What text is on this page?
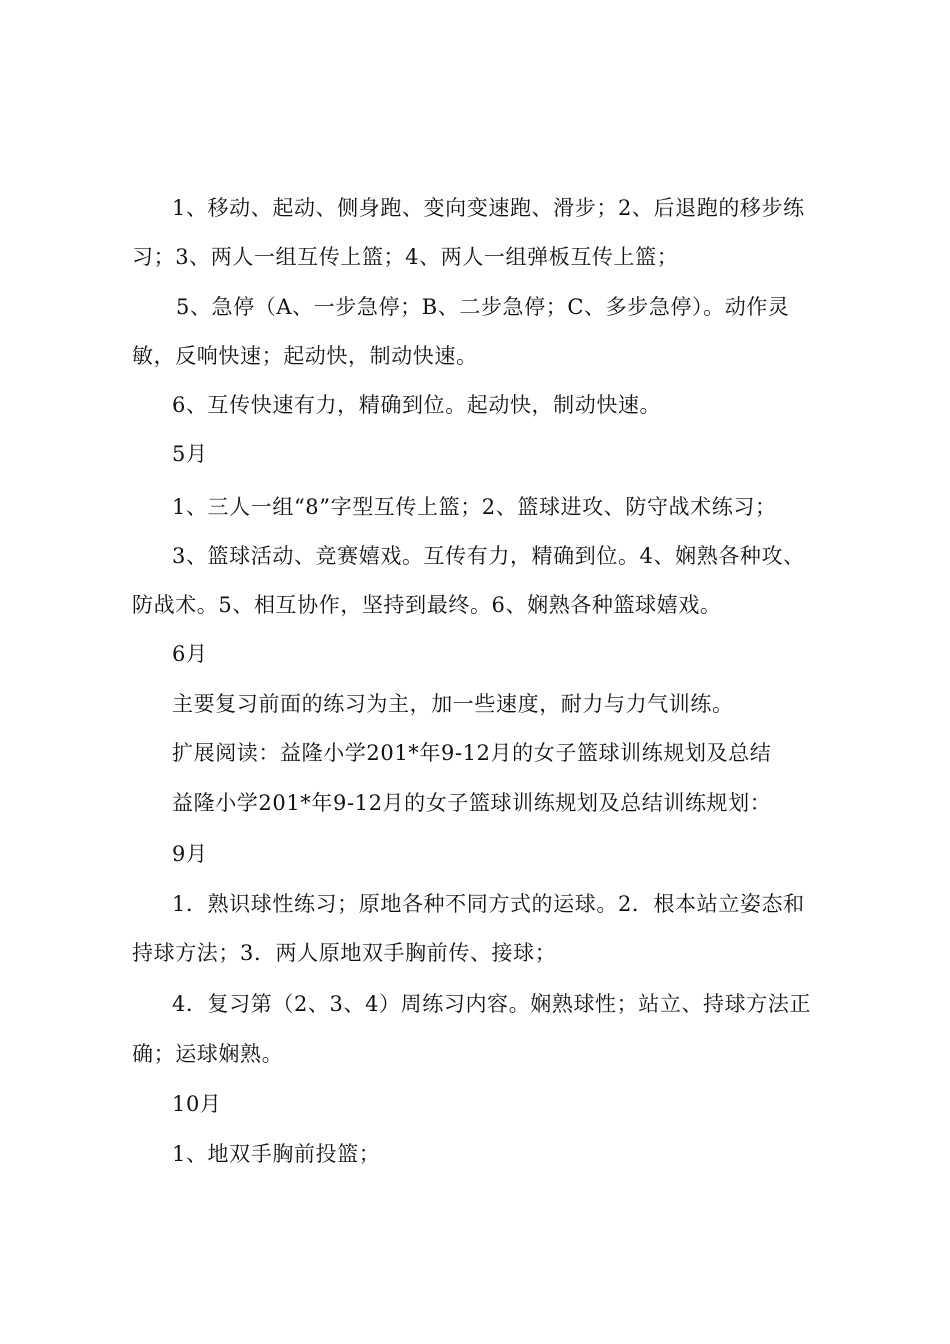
1、移动、起动、侧身跑、变向变速跑、滑步；2、后退跑的移步练
习；3、两人一组互传上篮；4、两人一组弹板互传上篮；
5、急停（A、一步急停；B、二步急停；C、多步急停）。动作灵
敏，反响快速；起动快，制动快速。
6、互传快速有力，精确到位。起动快，制动快速。
5月
1、三人一组“8”字型互传上篮；2、篮球进攻、防守战术练习；
3、篮球活动、竞赛嬉戏。互传有力，精确到位。4、娴熟各种攻、
防战术。5、相互协作，坚持到最终。6、娴熟各种篮球嬉戏。
6月
主要复习前面的练习为主，加一些速度，耐力与力气训练。
扩展阅读：益隆小学201*年9-12月的女子篮球训练规划及总结
益隆小学201*年9-12月的女子篮球训练规划及总结训练规划：
9月
1．熟识球性练习；原地各种不同方式的运球。2．根本站立姿态和
持球方法；3．两人原地双手胸前传、接球；
4．复习第（2、3、4）周练习内容。娴熟球性；站立、持球方法正
确；运球娴熟。
10月
1、地双手胸前投篮；
